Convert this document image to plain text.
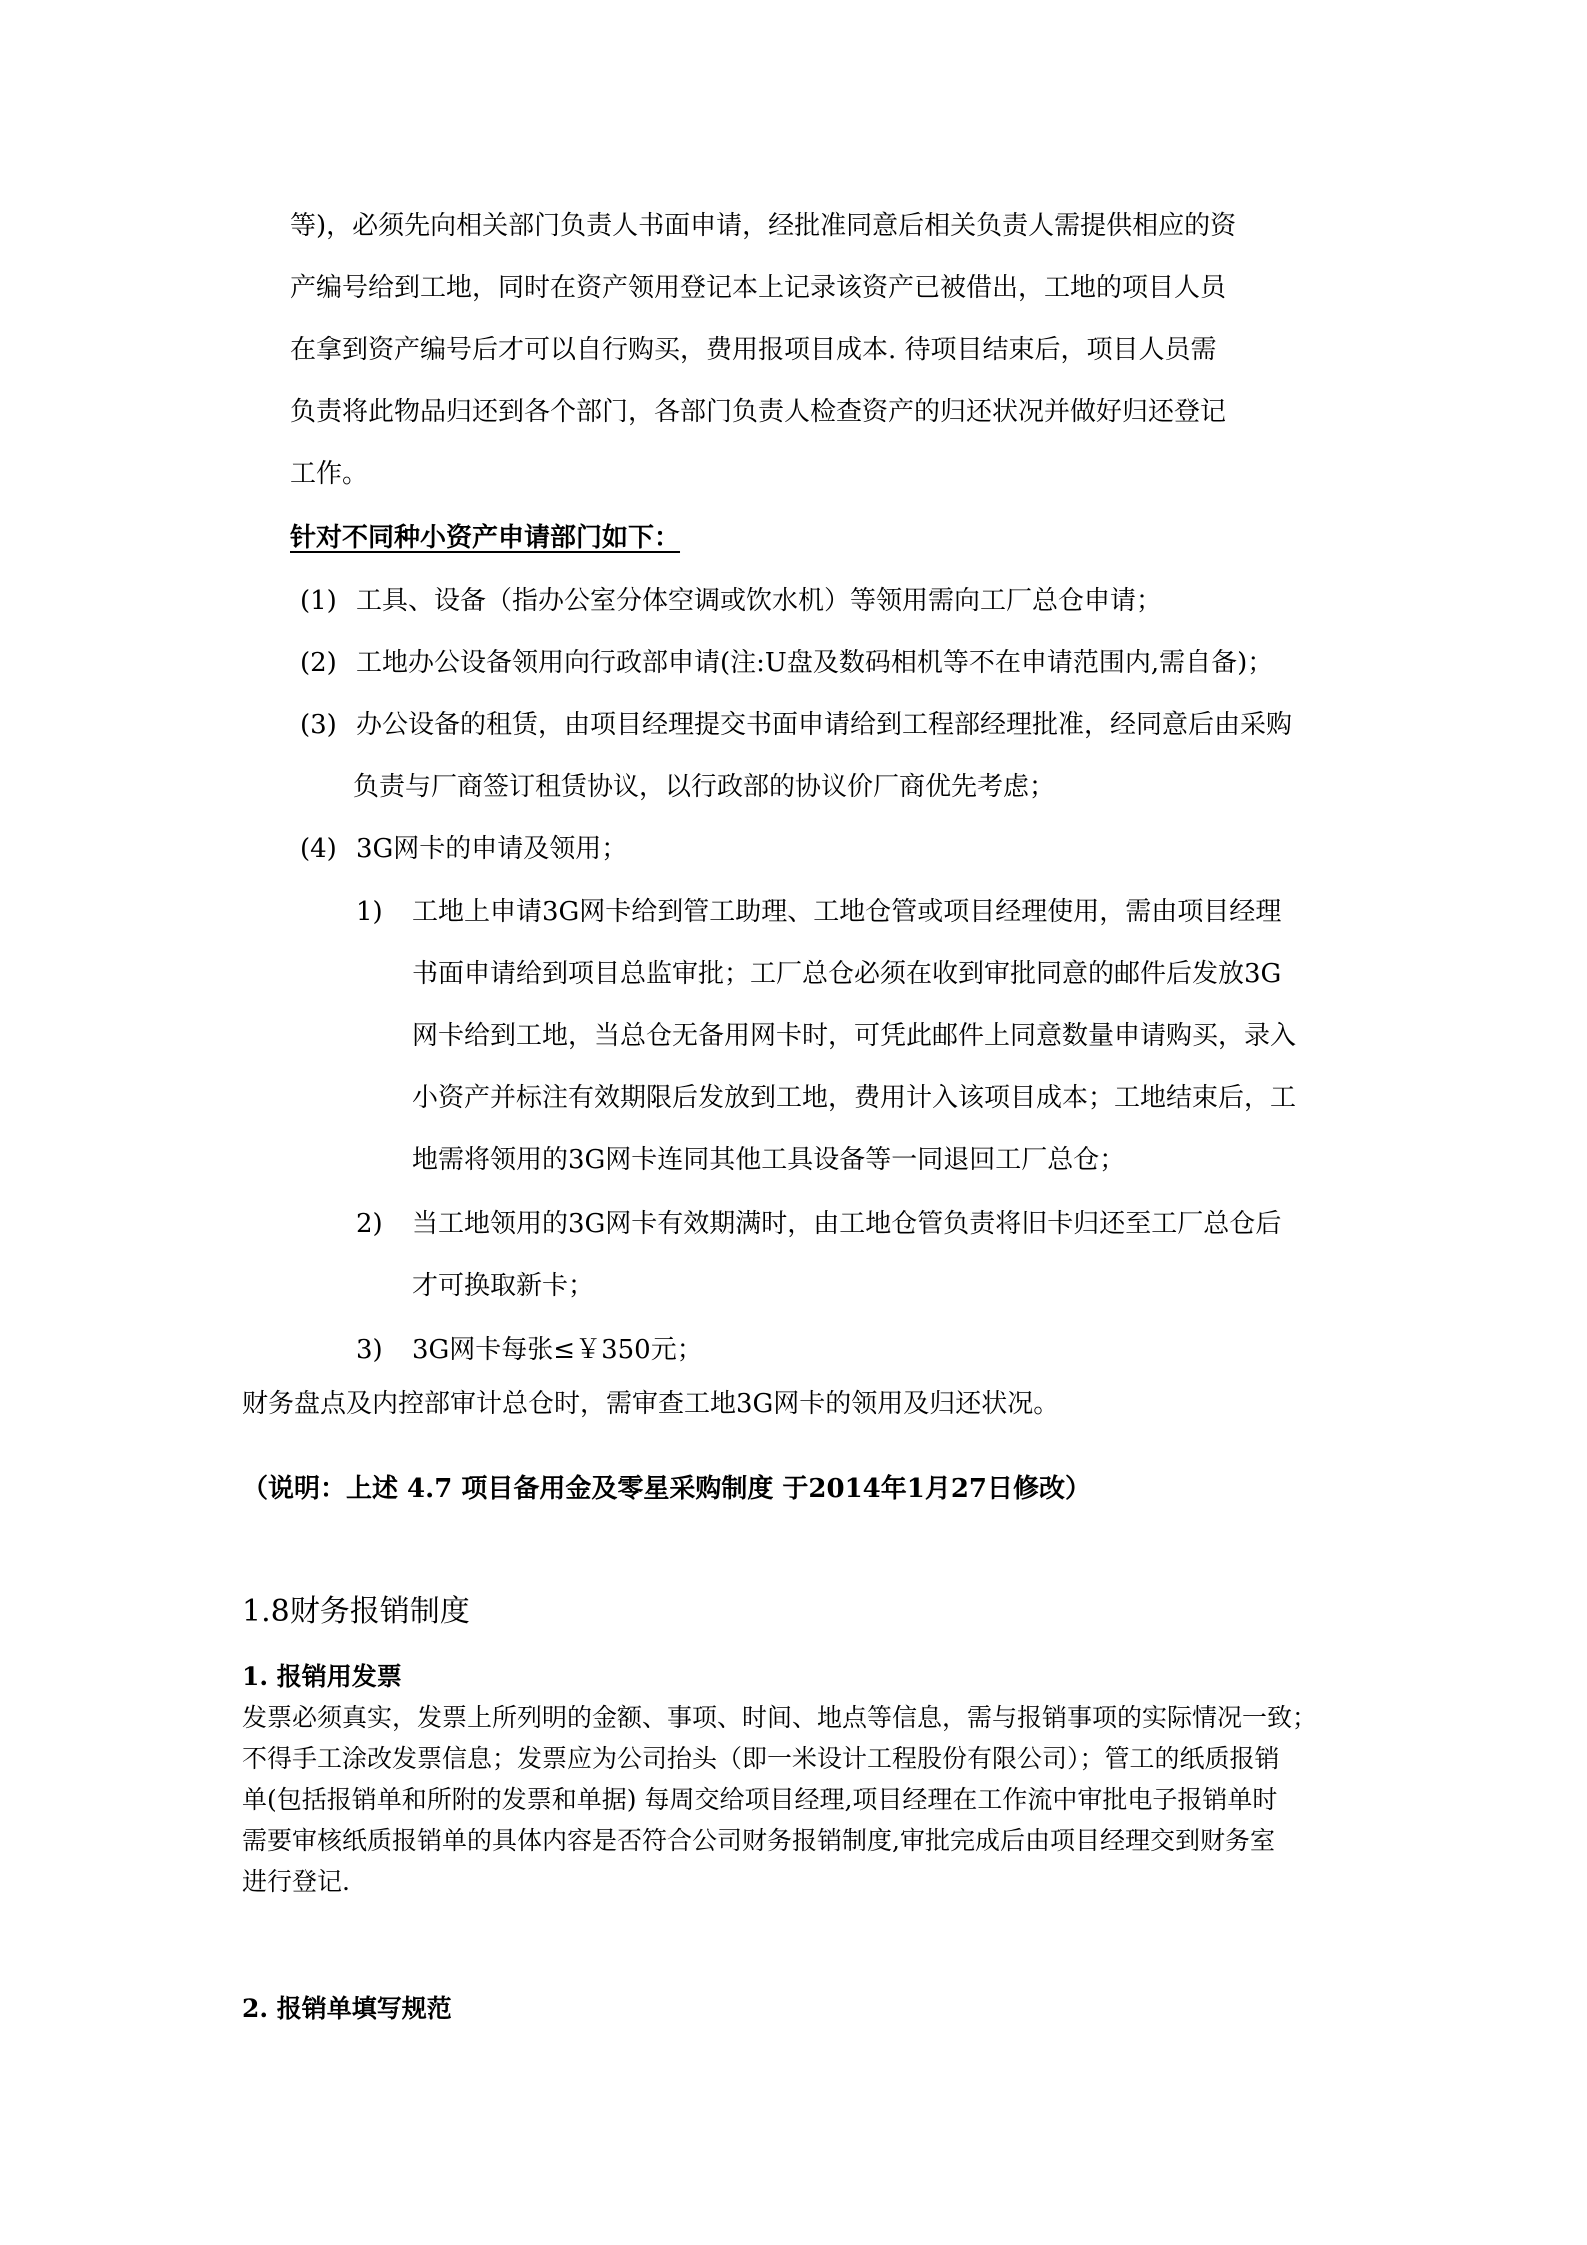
等)，必须先向相关部门负责人书面申请，经批准同意后相关负责人需提供相应的资
产编号给到工地，同时在资产领用登记本上记录该资产已被借出，工地的项目人员
在拿到资产编号后才可以自行购买，费用报项目成本. 待项目结束后，项目人员需
负责将此物品归还到各个部门，各部门负责人检查资产的归还状况并做好归还登记
工作。
针对不同种小资产申请部门如下：
(1) 工具、设备（指办公室分体空调或饮水机）等领用需向工厂总仓申请；
(2) 工地办公设备领用向行政部申请(注:U盘及数码相机等不在申请范围内,需自备)；
(3) 办公设备的租赁，由项目经理提交书面申请给到工程部经理批准，经同意后由采购
负责与厂商签订租赁协议，以行政部的协议价厂商优先考虑；
(4) 3G网卡的申请及领用；
1) 工地上申请3G网卡给到管工助理、工地仓管或项目经理使用，需由项目经理
书面申请给到项目总监审批；工厂总仓必须在收到审批同意的邮件后发放3G
网卡给到工地，当总仓无备用网卡时，可凭此邮件上同意数量申请购买，录入
小资产并标注有效期限后发放到工地，费用计入该项目成本；工地结束后，工
地需将领用的3G网卡连同其他工具设备等一同退回工厂总仓；
2) 当工地领用的3G网卡有效期满时，由工地仓管负责将旧卡归还至工厂总仓后
才可换取新卡；
3) 3G网卡每张≤￥350元；
财务盘点及内控部审计总仓时，需审查工地3G网卡的领用及归还状况。
（说明：上述 4.7 项目备用金及零星采购制度 于2014年1月27日修改）
1.8财务报销制度
1. 报销用发票
发票必须真实，发票上所列明的金额、事项、时间、地点等信息，需与报销事项的实际情况一致；
不得手工涂改发票信息；发票应为公司抬头（即一米设计工程股份有限公司）；管工的纸质报销
单(包括报销单和所附的发票和单据) 每周交给项目经理,项目经理在工作流中审批电子报销单时
需要审核纸质报销单的具体内容是否符合公司财务报销制度,审批完成后由项目经理交到财务室
进行登记.
2. 报销单填写规范
